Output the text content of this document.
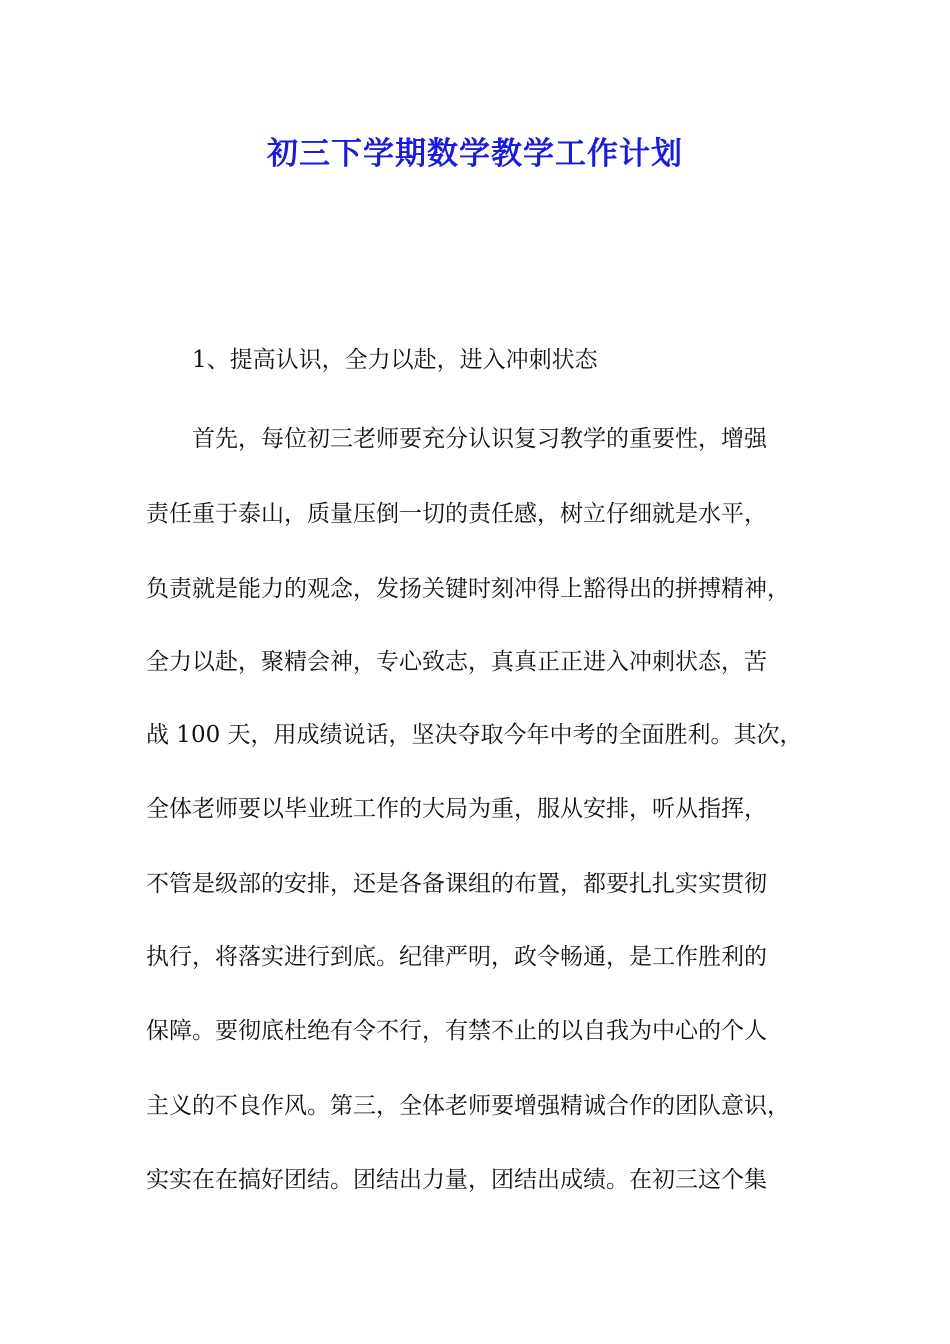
初三下学期数学教学工作计划
1、提高认识，全力以赴，进入冲刺状态
首先，每位初三老师要充分认识复习教学的重要性，增强
责任重于泰山，质量压倒一切的责任感，树立仔细就是水平，
负责就是能力的观念，发扬关键时刻冲得上豁得出的拼搏精神，
全力以赴，聚精会神，专心致志，真真正正进入冲刺状态，苦
战 100 天，用成绩说话，坚决夺取今年中考的全面胜利。其次，
全体老师要以毕业班工作的大局为重，服从安排，听从指挥，
不管是级部的安排，还是各备课组的布置，都要扎扎实实贯彻
执行，将落实进行到底。纪律严明，政令畅通，是工作胜利的
保障。要彻底杜绝有令不行，有禁不止的以自我为中心的个人
主义的不良作风。第三，全体老师要增强精诚合作的团队意识，
实实在在搞好团结。团结出力量，团结出成绩。在初三这个集
